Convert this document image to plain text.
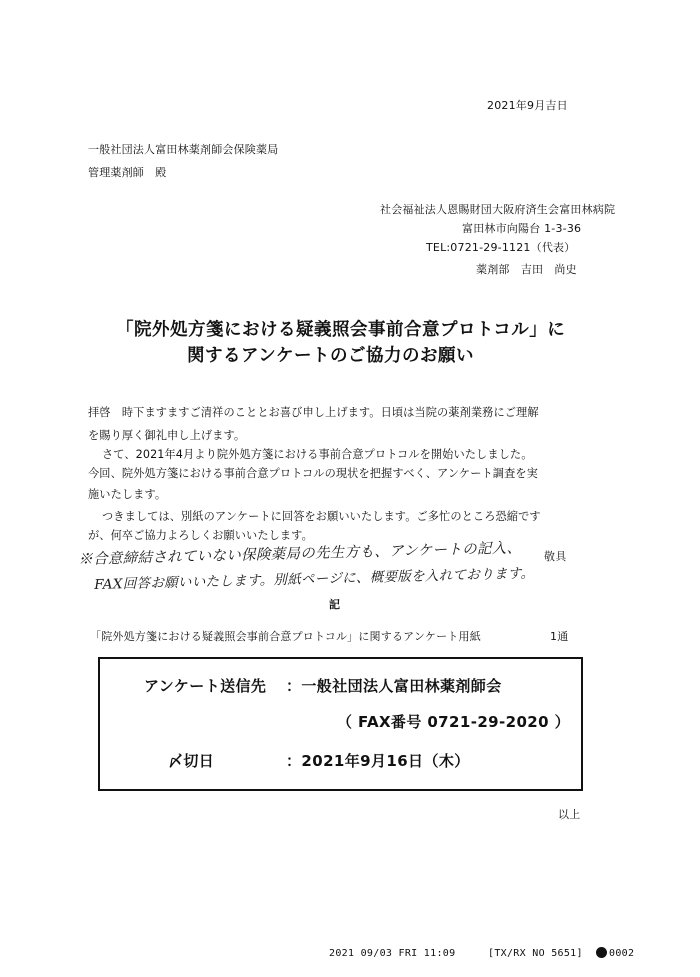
2021年9月吉日
一般社団法人富田林薬剤師会保険薬局
管理薬剤師　殿
社会福祉法人恩賜財団大阪府済生会富田林病院
富田林市向陽台 1-3-36
TEL:0721-29-1121（代表）
薬剤部　吉田　尚史
「院外処方箋における疑義照会事前合意プロトコル」に
関するアンケートのご協力のお願い
拝啓　時下ますますご清祥のこととお喜び申し上げます。日頃は当院の薬剤業務にご理解
を賜り厚く御礼申し上げます。
さて、2021年4月より院外処方箋における事前合意プロトコルを開始いたしました。
今回、院外処方箋における事前合意プロトコルの現状を把握すべく、アンケート調査を実
施いたします。
つきましては、別紙のアンケートに回答をお願いいたします。ご多忙のところ恐縮です
が、何卒ご協力よろしくお願いいたします。
※合意締結されていない保険薬局の先生方も、アンケートの記入、 敬具
FAX回答お願いいたします。別紙ページに、概要版を入れております。
記
「院外処方箋における疑義照会事前合意プロトコル」に関するアンケート用紙	1通
アンケート送信先 ：一般社団法人富田林薬剤師会
（ FAX番号 0721-29-2020 ）
〆切日	：2021年9月16日（木）
以上
2021 09/03 FRI 11:09	[TX/RX NO 5651]	0002
